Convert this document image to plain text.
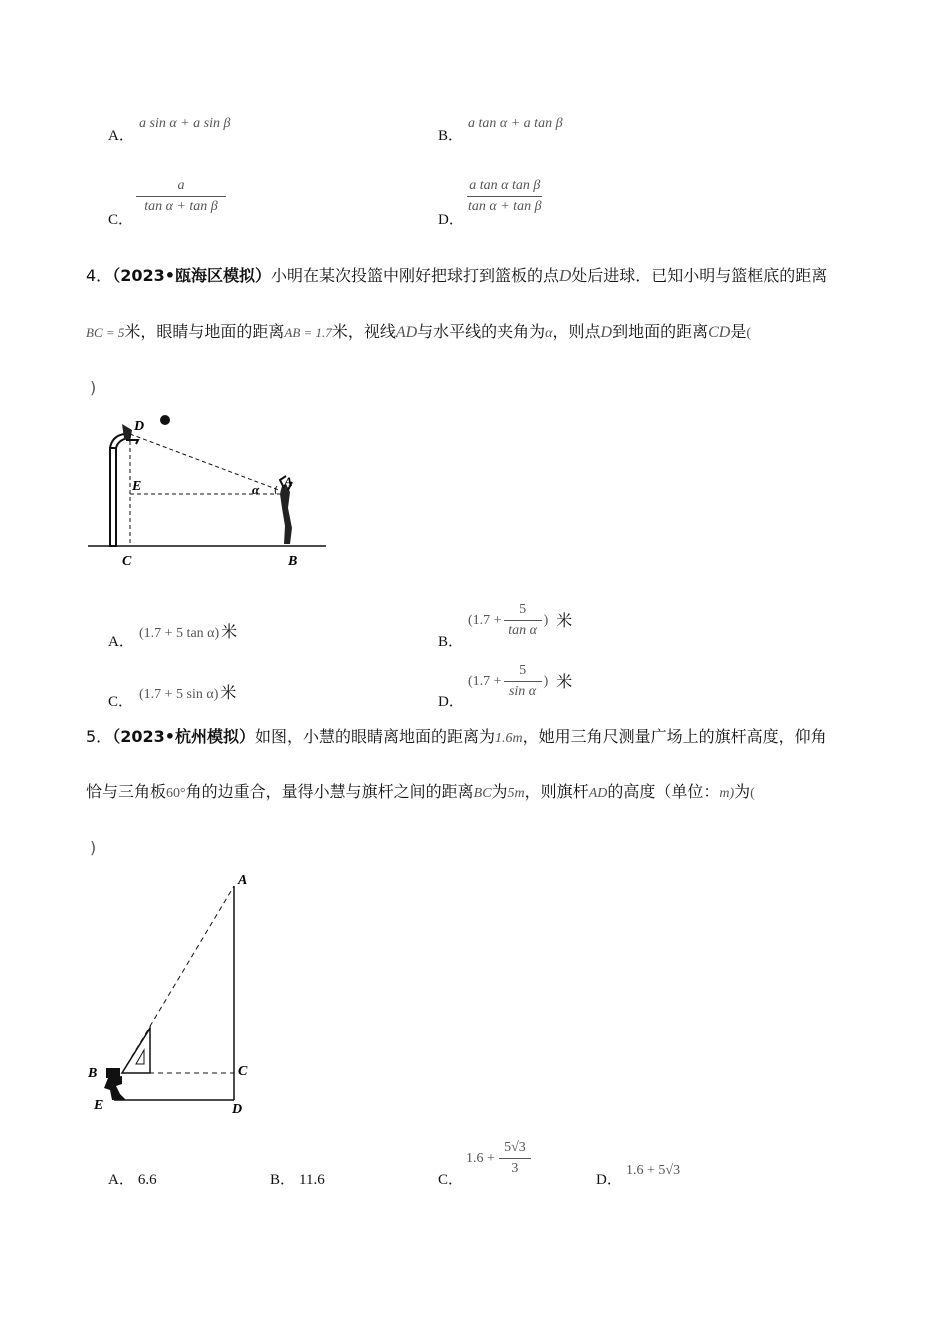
A．
a sin α + a sin β
B．
a tan α + a tan β
C．
$\frac{a}{\text{tan α + tan β}}$
D．
$\frac{\text{a tan α tan β}}{\text{tan α + tan β}}$
4．（2023•瓯海区模拟）小明在某次投篮中刚好把球打到篮板的点D处后进球．已知小明与篮框底的距离
BC = 5米，眼睛与地面的距离AB = 1.7米，视线AD与水平线的夹角为α，则点D到地面的距离CD是(
)
D
E	A
α
C	B
A．
(1.7 + 5 tan α) 米
B．
($1.7 + \frac{5}{\text{tan α}}$ ) 米
C． (1.7 + 5 sin α) 米	D．
($1.7 + \frac{5}{\text{sin α}}$ ) 米
5．（2023•杭州模拟）如图，小慧的眼睛离地面的距离为1.6m，她用三角尺测量广场上的旗杆高度，仰角
恰与三角板60°角的边重合，量得小慧与旗杆之间的距离BC为5m，则旗杆AD的高度（单位：m)为(
)
A
B	C
D
E
A． 6.6	B． 11.6	C．
$1.6 + \frac{5√3}{3}$
D．
1.6 + 5√3
